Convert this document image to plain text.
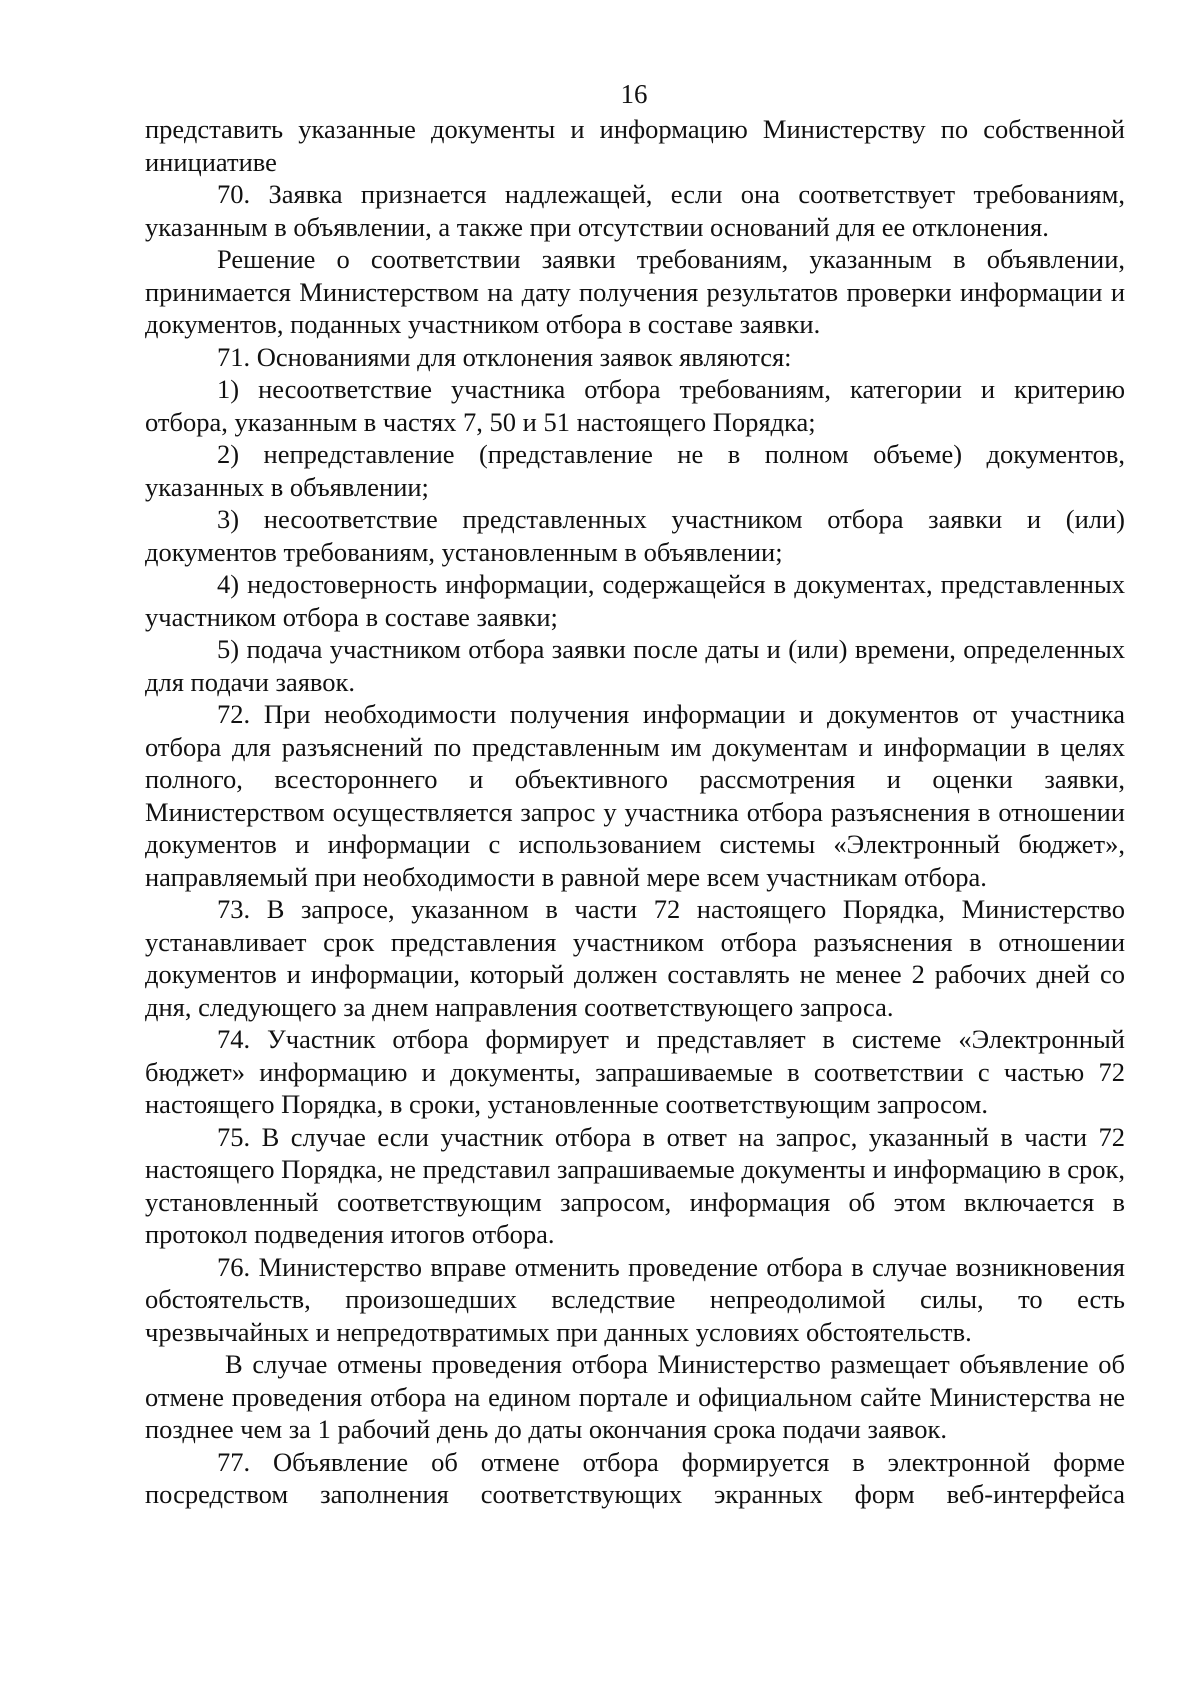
16

представить указанные документы и информацию Министерству по собственной инициативе

70. Заявка признается надлежащей, если она соответствует требованиям, указанным в объявлении, а также при отсутствии оснований для ее отклонения.

Решение о соответствии заявки требованиям, указанным в объявлении, принимается Министерством на дату получения результатов проверки информации и документов, поданных участником отбора в составе заявки.

71. Основаниями для отклонения заявок являются:

1) несоответствие участника отбора требованиям, категории и критерию отбора, указанным в частях 7, 50 и 51 настоящего Порядка;

2) непредставление (представление не в полном объеме) документов, указанных в объявлении;

3) несоответствие представленных участником отбора заявки и (или) документов требованиям, установленным в объявлении;

4) недостоверность информации, содержащейся в документах, представленных участником отбора в составе заявки;

5) подача участником отбора заявки после даты и (или) времени, определенных для подачи заявок.

72. При необходимости получения информации и документов от участника отбора для разъяснений по представленным им документам и информации в целях полного, всестороннего и объективного рассмотрения и оценки заявки, Министерством осуществляется запрос у участника отбора разъяснения в отношении документов и информации с использованием системы «Электронный бюджет», направляемый при необходимости в равной мере всем участникам отбора.

73. В запросе, указанном в части 72 настоящего Порядка, Министерство устанавливает срок представления участником отбора разъяснения в отношении документов и информации, который должен составлять не менее 2 рабочих дней со дня, следующего за днем направления соответствующего запроса.

74. Участник отбора формирует и представляет в системе «Электронный бюджет» информацию и документы, запрашиваемые в соответствии с частью 72 настоящего Порядка, в сроки, установленные соответствующим запросом.

75. В случае если участник отбора в ответ на запрос, указанный в части 72 настоящего Порядка, не представил запрашиваемые документы и информацию в срок, установленный соответствующим запросом, информация об этом включается в протокол подведения итогов отбора.

76. Министерство вправе отменить проведение отбора в случае возникновения обстоятельств, произошедших вследствие непреодолимой силы, то есть чрезвычайных и непредотвратимых при данных условиях обстоятельств.

В случае отмены проведения отбора Министерство размещает объявление об отмене проведения отбора на едином портале и официальном сайте Министерства не позднее чем за 1 рабочий день до даты окончания срока подачи заявок.

77. Объявление об отмене отбора формируется в электронной форме посредством заполнения соответствующих экранных форм веб-интерфейса
